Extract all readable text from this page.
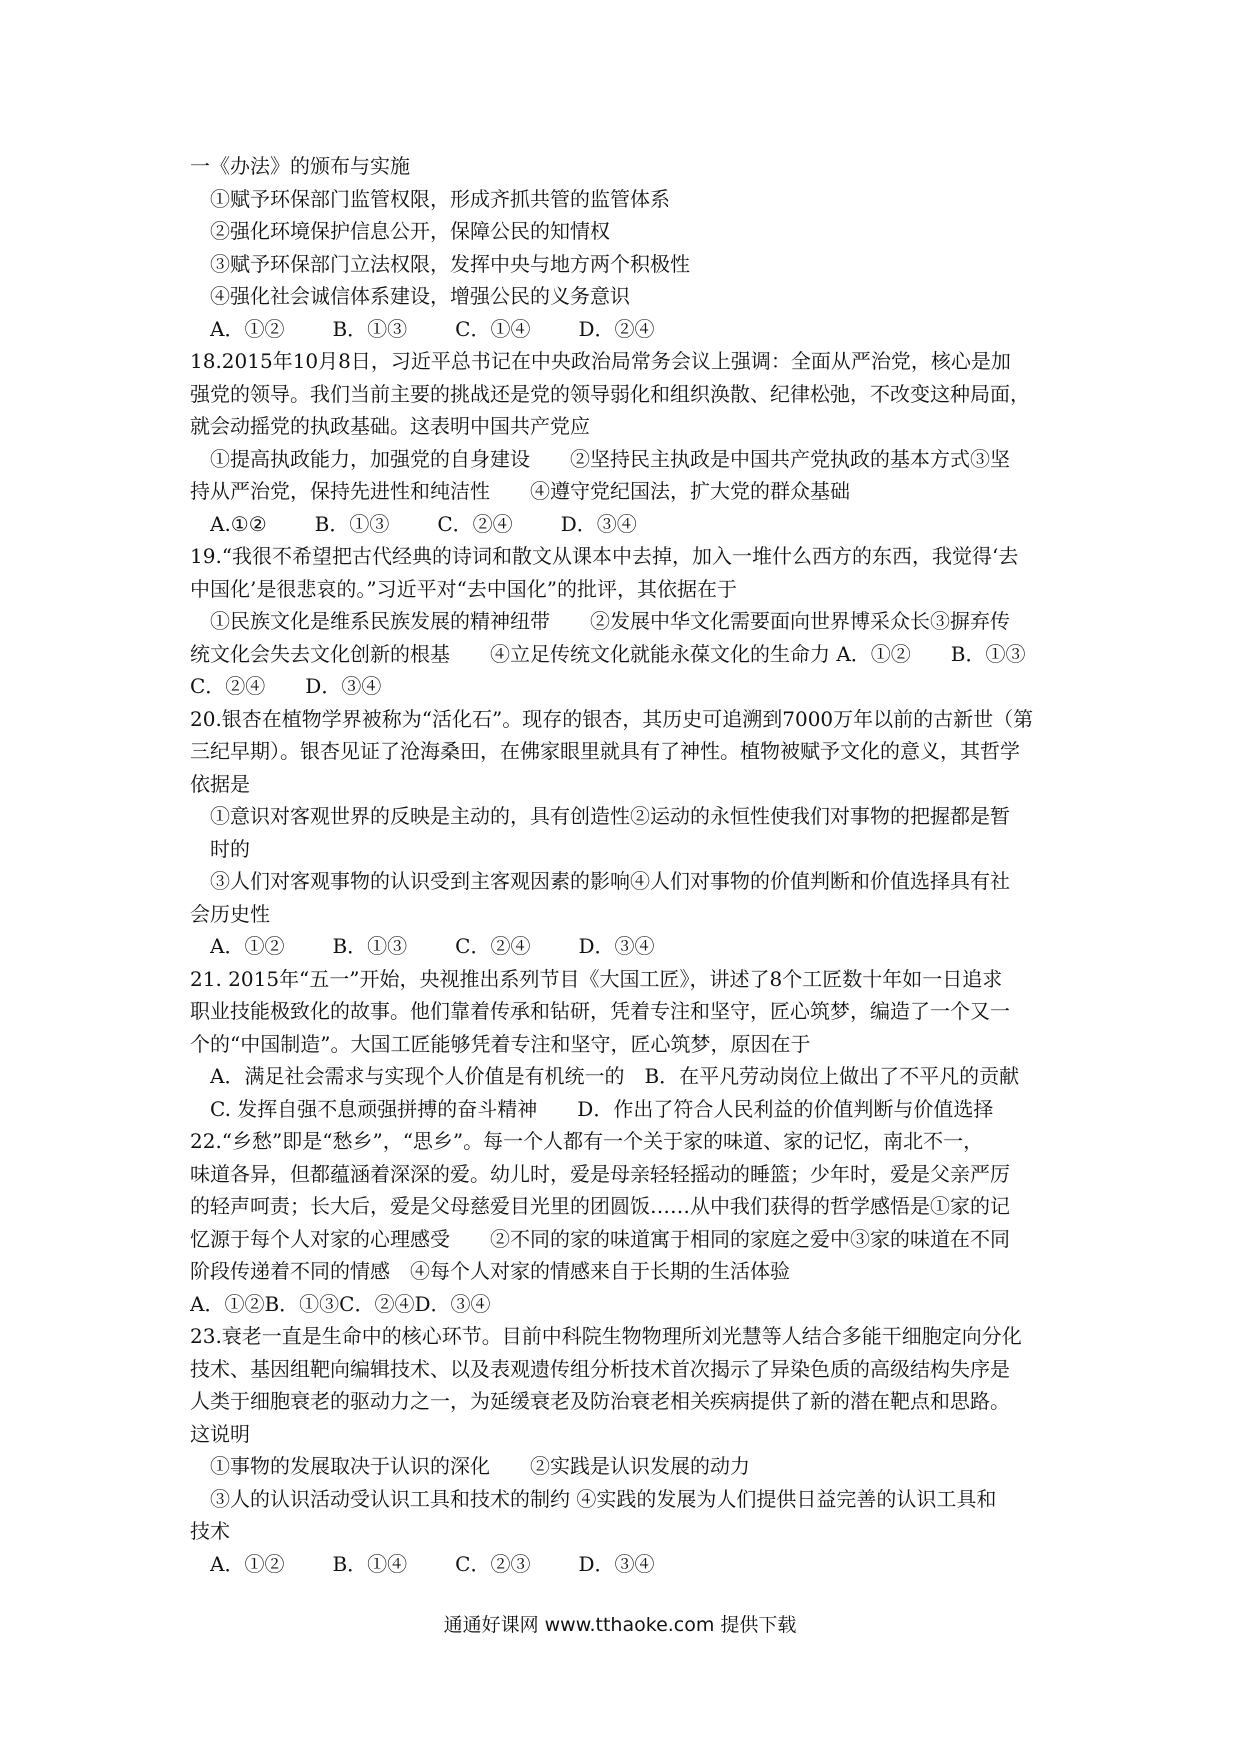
一《办法》的颁布与实施
①赋予环保部门监管权限，形成齐抓共管的监管体系
②强化环境保护信息公开，保障公民的知情权
③赋予环保部门立法权限，发挥中央与地方两个积极性
④强化社会诚信体系建设，增强公民的义务意识
A．①② B．①③ C．①④ D．②④
18.2015年10月8日，习近平总书记在中央政治局常务会议上强调：全面从严治党，核心是加
强党的领导。我们当前主要的挑战还是党的领导弱化和组织涣散、纪律松弛，不改变这种局面，
就会动摇党的执政基础。这表明中国共产党应
①提高执政能力，加强党的自身建设　　②坚持民主执政是中国共产党执政的基本方式③坚
持从严治党，保持先进性和纯洁性　　④遵守党纪国法，扩大党的群众基础
A.①② B．①③ C．②④ D．③④
19.“我很不希望把古代经典的诗词和散文从课本中去掉，加入一堆什么西方的东西，我觉得‘去
中国化’是很悲哀的。”习近平对“去中国化”的批评，其依据在于
①民族文化是维系民族发展的精神纽带　　②发展中华文化需要面向世界博采众长③摒弃传
统文化会失去文化创新的根基　　④立足传统文化就能永葆文化的生命力 A．①②　　B．①③
C．②④　　D．③④
20.银杏在植物学界被称为“活化石”。现存的银杏，其历史可追溯到7000万年以前的古新世（第
三纪早期）。银杏见证了沧海桑田，在佛家眼里就具有了神性。植物被赋予文化的意义，其哲学
依据是
①意识对客观世界的反映是主动的，具有创造性②运动的永恒性使我们对事物的把握都是暂
时的
③人们对客观事物的认识受到主客观因素的影响④人们对事物的价值判断和价值选择具有社
会历史性
A．①② B．①③ C．②④ D．③④
21. 2015年“五一”开始，央视推出系列节目《大国工匠》，讲述了8个工匠数十年如一日追求
职业技能极致化的故事。他们靠着传承和钻研，凭着专注和坚守，匠心筑梦，编造了一个又一
个的“中国制造”。大国工匠能够凭着专注和坚守，匠心筑梦，原因在于
A．满足社会需求与实现个人价值是有机统一的　B．在平凡劳动岗位上做出了不平凡的贡献
C. 发挥自强不息顽强拼搏的奋斗精神　　D．作出了符合人民利益的价值判断与价值选择
22.“乡愁”即是“愁乡”，“思乡”。每一个人都有一个关于家的味道、家的记忆，南北不一，
味道各异，但都蕴涵着深深的爱。幼儿时，爱是母亲轻轻摇动的睡篮；少年时，爱是父亲严厉
的轻声呵责；长大后，爱是父母慈爱目光里的团圆饭……从中我们获得的哲学感悟是①家的记
忆源于每个人对家的心理感受　　②不同的家的味道寓于相同的家庭之爱中③家的味道在不同
阶段传递着不同的情感　④每个人对家的情感来自于长期的生活体验
A．①②B．①③C．②④D．③④
23.衰老一直是生命中的核心环节。目前中科院生物物理所刘光慧等人结合多能干细胞定向分化
技术、基因组靶向编辑技术、以及表观遗传组分析技术首次揭示了异染色质的高级结构失序是
人类于细胞衰老的驱动力之一，为延缓衰老及防治衰老相关疾病提供了新的潜在靶点和思路。
这说明
①事物的发展取决于认识的深化　　②实践是认识发展的动力
③人的认识活动受认识工具和技术的制约 ④实践的发展为人们提供日益完善的认识工具和
技术
A．①② B．①④ C．②③ D．③④
通通好课网 www.tthaoke.com 提供下载
